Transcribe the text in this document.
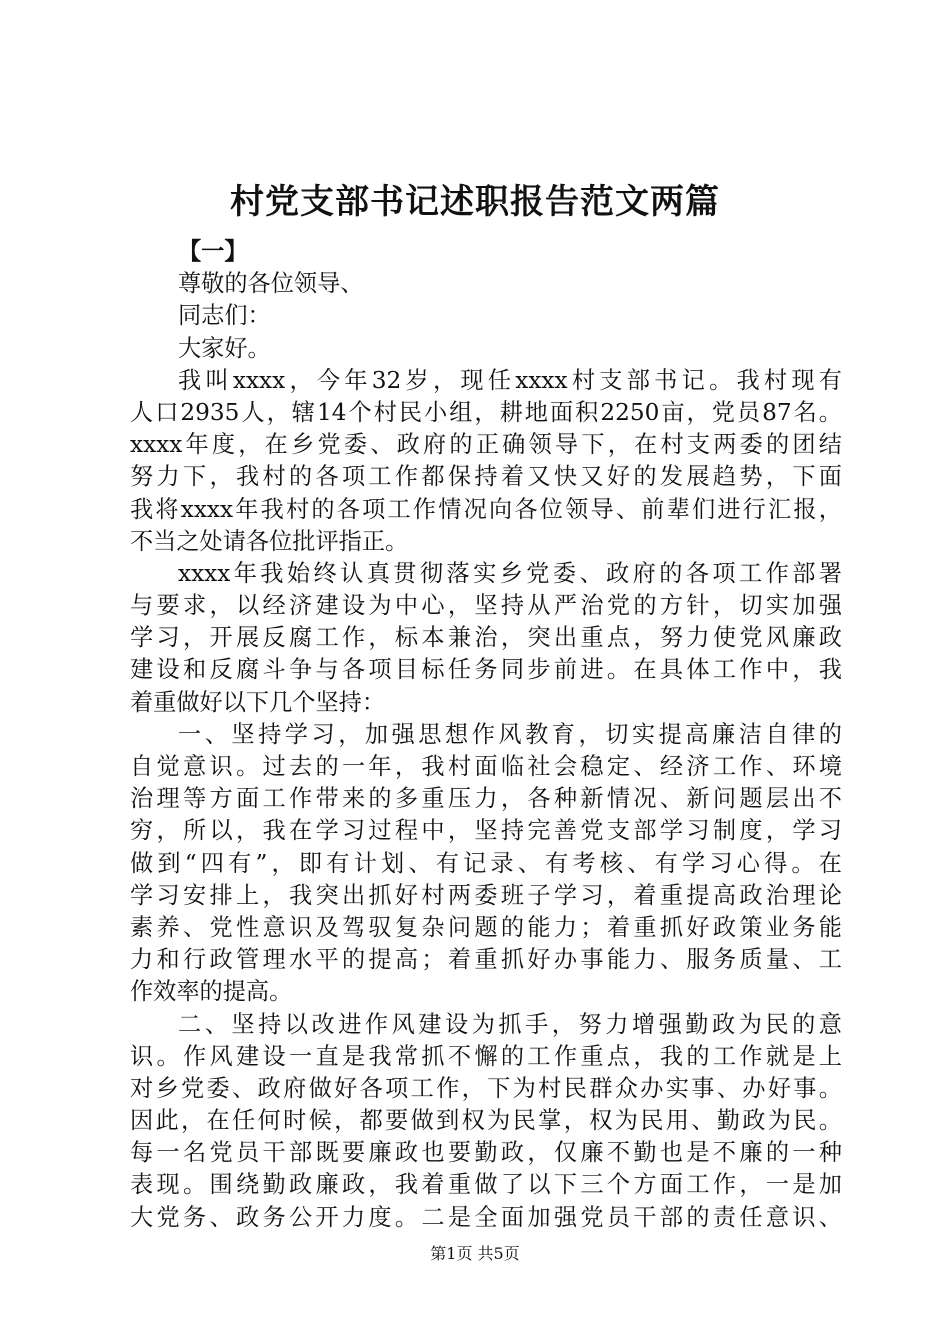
村党支部书记述职报告范文两篇
【一】
尊敬的各位领导、
同志们：
大家好。
我叫xxxx，今年32岁，现任xxxx村支部书记。我村现有
人口2935人，辖14个村民小组，耕地面积2250亩，党员87名。
xxxx年度，在乡党委、政府的正确领导下，在村支两委的团结
努力下，我村的各项工作都保持着又快又好的发展趋势，下面
我将xxxx年我村的各项工作情况向各位领导、前辈们进行汇报，
不当之处请各位批评指正。
xxxx年我始终认真贯彻落实乡党委、政府的各项工作部署
与要求，以经济建设为中心，坚持从严治党的方针，切实加强
学习，开展反腐工作，标本兼治，突出重点，努力使党风廉政
建设和反腐斗争与各项目标任务同步前进。在具体工作中，我
着重做好以下几个坚持：
一、坚持学习，加强思想作风教育，切实提高廉洁自律的
自觉意识。过去的一年，我村面临社会稳定、经济工作、环境
治理等方面工作带来的多重压力，各种新情况、新问题层出不
穷，所以，我在学习过程中，坚持完善党支部学习制度，学习
做到“四有”，即有计划、有记录、有考核、有学习心得。在
学习安排上，我突出抓好村两委班子学习，着重提高政治理论
素养、党性意识及驾驭复杂问题的能力；着重抓好政策业务能
力和行政管理水平的提高；着重抓好办事能力、服务质量、工
作效率的提高。
二、坚持以改进作风建设为抓手，努力增强勤政为民的意
识。作风建设一直是我常抓不懈的工作重点，我的工作就是上
对乡党委、政府做好各项工作，下为村民群众办实事、办好事。
因此，在任何时候，都要做到权为民掌，权为民用、勤政为民。
每一名党员干部既要廉政也要勤政，仅廉不勤也是不廉的一种
表现。围绕勤政廉政，我着重做了以下三个方面工作，一是加
大党务、政务公开力度。二是全面加强党员干部的责任意识、
第1页 共5页
